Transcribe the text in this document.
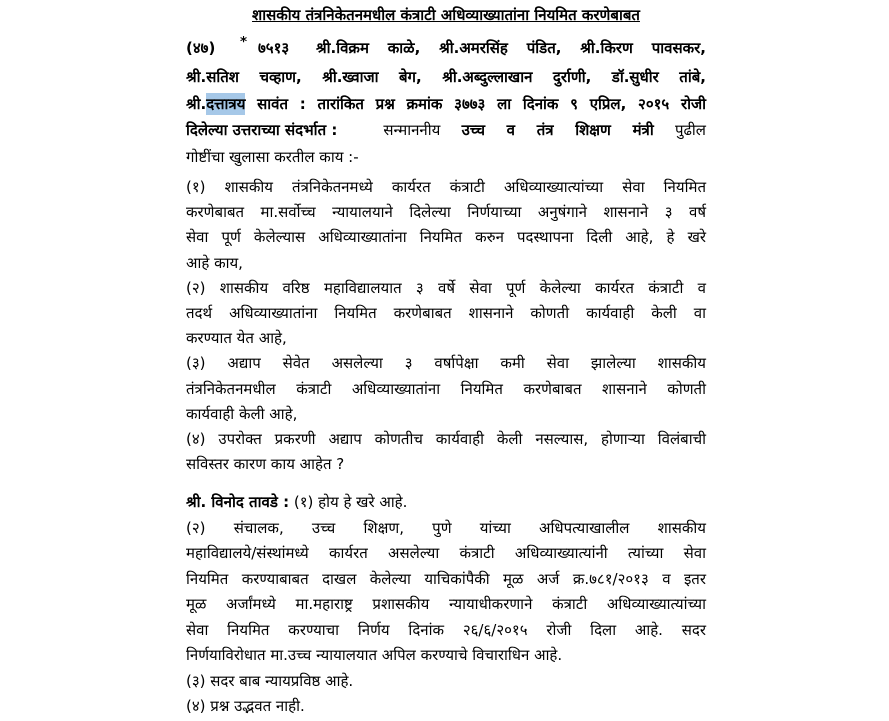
शासकीय तंत्रनिकेतनमधील कंत्राटी अधिव्याख्यातांना नियमित करणेबाबत
(४७)	* ७५१३	श्री.विक्रम काळे, श्री.अमरसिंह पंडित, श्री.किरण पावसकर,
श्री.सतिश चव्हाण, श्री.ख्वाजा बेग, श्री.अब्दुल्लाखान दुर्राणी, डॉ.सुधीर तांबे,
श्री.दत्तात्रय सावंत : तारांकित प्रश्न क्रमांक ३७७३ ला दिनांक ९ एप्रिल, २०१५ रोजी
दिलेल्या उत्तराच्या संदर्भात :	सन्माननीय उच्च व तंत्र शिक्षण मंत्री पुढील
गोष्टींचा खुलासा करतील काय :-
(१) शासकीय तंत्रनिकेतनमध्ये कार्यरत कंत्राटी अधिव्याख्यात्यांच्या सेवा नियमित
करणेबाबत मा.सर्वोच्च न्यायालयाने दिलेल्या निर्णयाच्या अनुषंगाने शासनाने ३ वर्ष
सेवा पूर्ण केलेल्यास अधिव्याख्यातांना नियमित करुन पदस्थापना दिली आहे, हे खरे
आहे काय,
(२) शासकीय वरिष्ठ महाविद्यालयात ३ वर्षे सेवा पूर्ण केलेल्या कार्यरत कंत्राटी व
तदर्थ अधिव्याख्यातांना नियमित करणेबाबत शासनाने कोणती कार्यवाही केली वा
करण्यात येत आहे,
(३) अद्याप सेवेत असलेल्या ३ वर्षापेक्षा कमी सेवा झालेल्या शासकीय
तंत्रनिकेतनमधील कंत्राटी अधिव्याख्यातांना नियमित करणेबाबत शासनाने कोणती
कार्यवाही केली आहे,
(४) उपरोक्त प्रकरणी अद्याप कोणतीच कार्यवाही केली नसल्यास, होणाऱ्या विलंबाची
सविस्तर कारण काय आहेत ?
श्री. विनोद तावडे : (१) होय हे खरे आहे.
(२) संचालक, उच्च शिक्षण, पुणे यांच्या अधिपत्याखालील शासकीय
महाविद्यालये/संस्थांमध्ये कार्यरत असलेल्या कंत्राटी अधिव्याख्यात्यांनी त्यांच्या सेवा
नियमित करण्याबाबत दाखल केलेल्या याचिकांपैकी मूळ अर्ज क्र.७८१/२०१३ व इतर
मूळ अर्जांमध्ये मा.महाराष्ट्र प्रशासकीय न्यायाधीकरणाने कंत्राटी अधिव्याख्यात्यांच्या
सेवा नियमित करण्याचा निर्णय दिनांक २६/६/२०१५ रोजी दिला आहे. सदर
निर्णयाविरोधात मा.उच्च न्यायालयात अपिल करण्याचे विचाराधिन आहे.
(३) सदर बाब न्यायप्रविष्ठ आहे.
(४) प्रश्न उद्भवत नाही.
